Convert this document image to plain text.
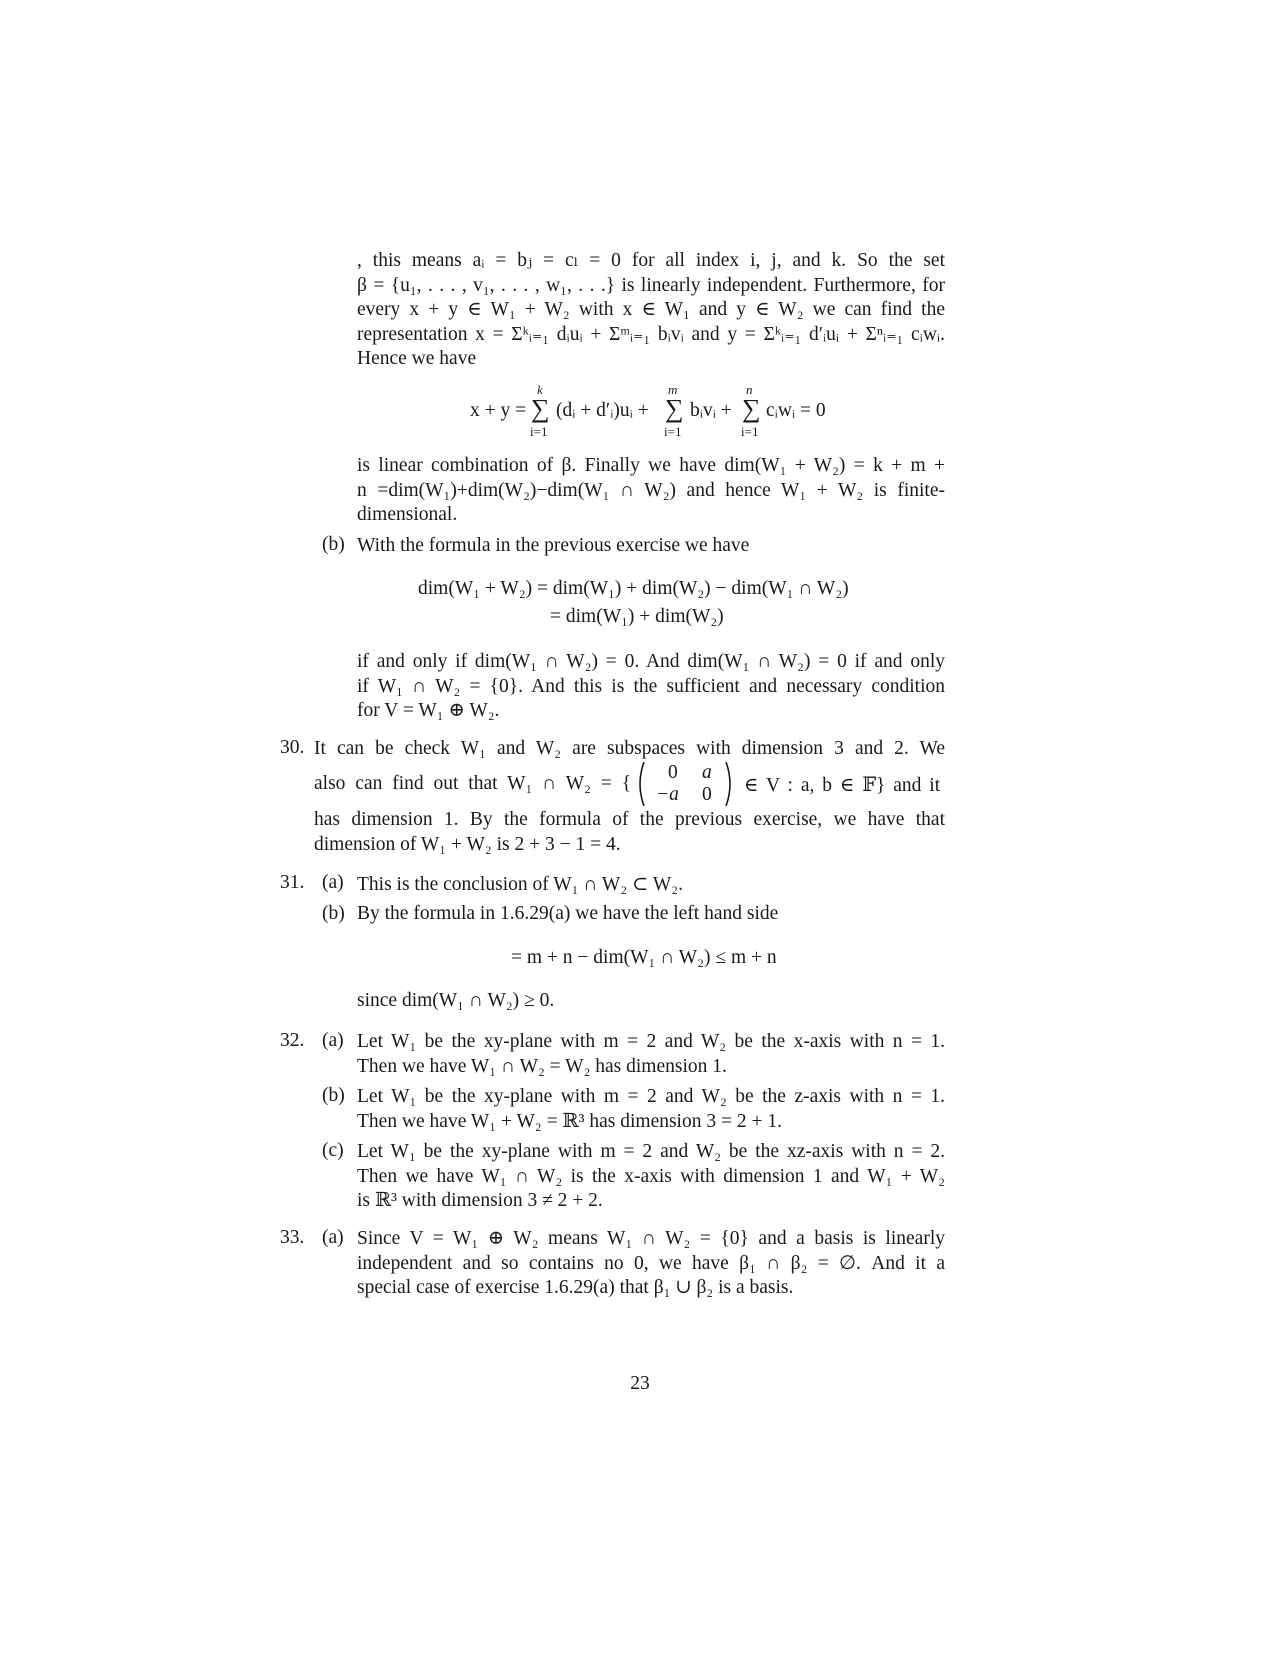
, this means aᵢ = bⱼ = cₗ = 0 for all index i, j, and k. So the set
β = {u₁, . . . , v₁, . . . , w₁, . . .} is linearly independent. Furthermore, for
every x + y ∈ W₁ + W₂ with x ∈ W₁ and y ∈ W₂ we can find the
representation x = Σᵏᵢ₌₁ dᵢuᵢ + Σᵐᵢ₌₁ bᵢvᵢ and y = Σᵏᵢ₌₁ d′ᵢuᵢ + Σⁿᵢ₌₁ cᵢwᵢ.
Hence we have
x + y =
k
∑
i=1
(dᵢ + d′ᵢ)uᵢ +
m
∑
i=1
bᵢvᵢ +
n
∑
i=1
cᵢwᵢ = 0
is linear combination of β. Finally we have dim(W₁ + W₂) = k + m +
n =dim(W₁)+dim(W₂)−dim(W₁ ∩ W₂) and hence W₁ + W₂ is finite-
dimensional.
(b) With the formula in the previous exercise we have
dim(W₁ + W₂) = dim(W₁) + dim(W₂) − dim(W₁ ∩ W₂)
= dim(W₁) + dim(W₂)
if and only if dim(W₁ ∩ W₂) = 0. And dim(W₁ ∩ W₂) = 0 if and only
if W₁ ∩ W₂ = {0}. And this is the sufficient and necessary condition
for V = W₁ ⊕ W₂.
30. It can be check W₁ and W₂ are subspaces with dimension 3 and 2. We
also can find out that W₁ ∩ W₂ = {
0 a
−a 0 ∈ V : a, b ∈ 𝔽} and it
has dimension 1. By the formula of the previous exercise, we have that
dimension of W₁ + W₂ is 2 + 3 − 1 = 4.
31. (a) This is the conclusion of W₁ ∩ W₂ ⊂ W₂.
(b) By the formula in 1.6.29(a) we have the left hand side
= m + n − dim(W₁ ∩ W₂) ≤ m + n
since dim(W₁ ∩ W₂) ≥ 0.
32. (a) Let W₁ be the xy-plane with m = 2 and W₂ be the x-axis with n = 1.
Then we have W₁ ∩ W₂ = W₂ has dimension 1.
(b) Let W₁ be the xy-plane with m = 2 and W₂ be the z-axis with n = 1.
Then we have W₁ + W₂ = ℝ³ has dimension 3 = 2 + 1.
(c) Let W₁ be the xy-plane with m = 2 and W₂ be the xz-axis with n = 2.
Then we have W₁ ∩ W₂ is the x-axis with dimension 1 and W₁ + W₂
is ℝ³ with dimension 3 ≠ 2 + 2.
33. (a) Since V = W₁ ⊕ W₂ means W₁ ∩ W₂ = {0} and a basis is linearly
independent and so contains no 0, we have β₁ ∩ β₂ = ∅. And it a
special case of exercise 1.6.29(a) that β₁ ∪ β₂ is a basis.
23
